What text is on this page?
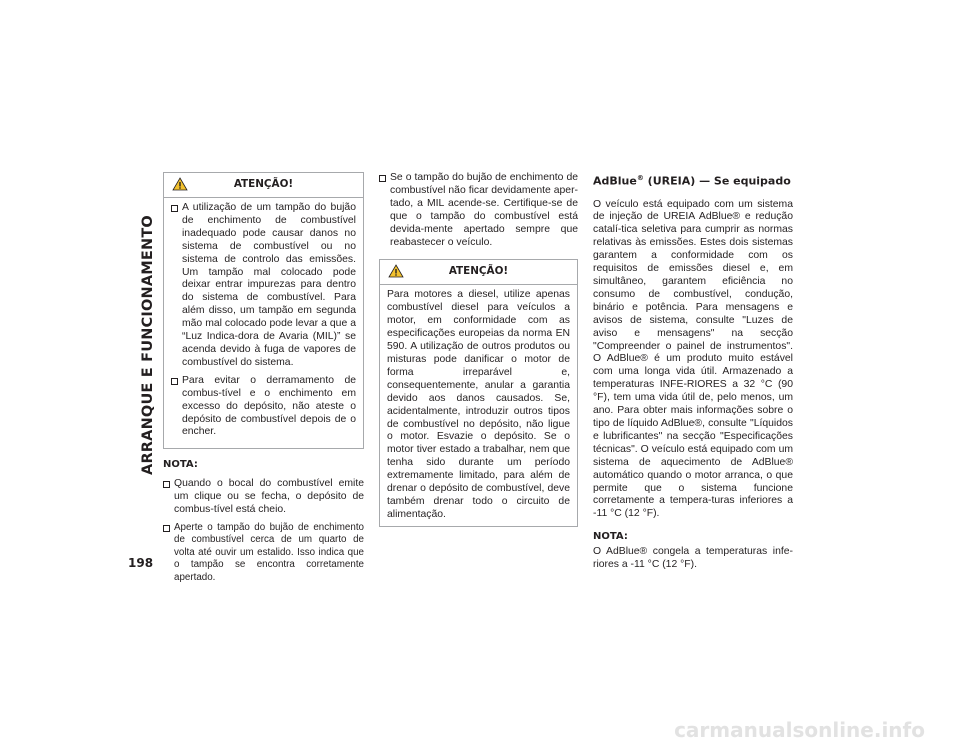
ARRANQUE E FUNCIONAMENTO
198
ATENÇÃO!
A utilização de um tampão do bujão de enchimento de combustível inadequado pode causar danos no sistema de combustível ou no sistema de controlo das emissões. Um tampão mal colocado pode deixar entrar impurezas para dentro do sistema de combustível. Para além disso, um tampão em segunda mão mal colocado pode levar a que a “Luz Indica-dora de Avaria (MIL)” se acenda devido à fuga de vapores de combustível do sistema.
Para evitar o derramamento de combus-tível e o enchimento em excesso do depósito, não ateste o depósito de combustível depois de o encher.
NOTA:
Quando o bocal do combustível emite um clique ou se fecha, o depósito de combus-tível está cheio.
Aperte o tampão do bujão de enchimento de combustível cerca de um quarto de volta até ouvir um estalido. Isso indica que o tampão se encontra corretamente apertado.
Se o tampão do bujão de enchimento de combustível não ficar devidamente aper-tado, a MIL acende-se. Certifique-se de que o tampão do combustível está devida-mente apertado sempre que reabastecer o veículo.
ATENÇÃO!

Para motores a diesel, utilize apenas combustível diesel para veículos a motor, em conformidade com as especificações europeias da norma EN 590. A utilização de outros produtos ou misturas pode danificar o motor de forma irreparável e, consequentemente, anular a garantia devido aos danos causados. Se, acidentalmente, introduzir outros tipos de combustível no depósito, não ligue o motor. Esvazie o depósito. Se o motor tiver estado a trabalhar, nem que tenha sido durante um período extremamente limitado, para além de drenar o depósito de combustível, deve também drenar todo o circuito de alimentação.

AdBlue® (UREIA) — Se equipado

O veículo está equipado com um sistema de injeção de UREIA AdBlue® e redução catalí-tica seletiva para cumprir as normas relativas às emissões. Estes dois sistemas garantem a conformidade com os requisitos de emissões diesel e, em simultâneo, garantem eficiência no consumo de combustível, condução, binário e potência. Para mensagens e avisos de sistema, consulte "Luzes de aviso e mensagens" na secção "Compreender o painel de instrumentos". O AdBlue® é um produto muito estável com uma longa vida útil. Armazenado a temperaturas INFE-RIORES a 32 °C (90 °F), tem uma vida útil de, pelo menos, um ano. Para obter mais informações sobre o tipo de líquido AdBlue®, consulte "Líquidos e lubrificantes" na secção "Especificações técnicas". O veículo está equipado com um sistema de aquecimento de AdBlue® automático quando o motor arranca, o que permite que o sistema funcione corretamente a tempera-turas inferiores a -11 °C (12 °F).

NOTA:

O AdBlue® congela a temperaturas infe-riores a -11 °C (12 °F).

carmanualsonline.info
